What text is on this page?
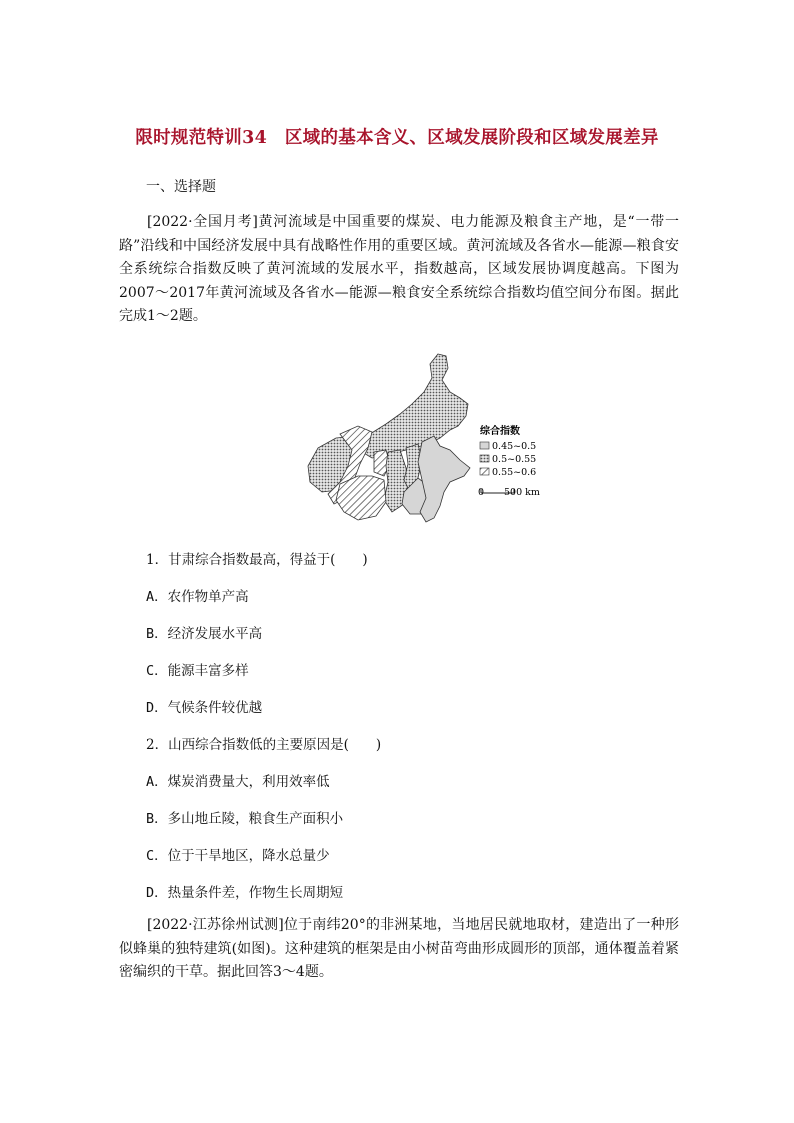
限时规范特训34　区域的基本含义、区域发展阶段和区域发展差异
一、选择题
[2022·全国月考]黄河流域是中国重要的煤炭、电力能源及粮食主产地，是“一带一路”沿线和中国经济发展中具有战略性作用的重要区域。黄河流域及各省水—能源—粮食安全系统综合指数反映了黄河流域的发展水平，指数越高，区域发展协调度越高。下图为2007～2017年黄河流域及各省水—能源—粮食安全系统综合指数均值空间分布图。据此完成1～2题。
综合指数
0.45~0.5
0.5~0.55
0.55~0.6
0 500 km
1．甘肃综合指数最高，得益于(　　)
A．农作物单产高
B．经济发展水平高
C．能源丰富多样
D．气候条件较优越
2．山西综合指数低的主要原因是(　　)
A．煤炭消费量大，利用效率低
B．多山地丘陵，粮食生产面积小
C．位于干旱地区，降水总量少
D．热量条件差，作物生长周期短
[2022·江苏徐州试测]位于南纬20°的非洲某地，当地居民就地取材，建造出了一种形似蜂巢的独特建筑(如图)。这种建筑的框架是由小树苗弯曲形成圆形的顶部，通体覆盖着紧密编织的干草。据此回答3～4题。
